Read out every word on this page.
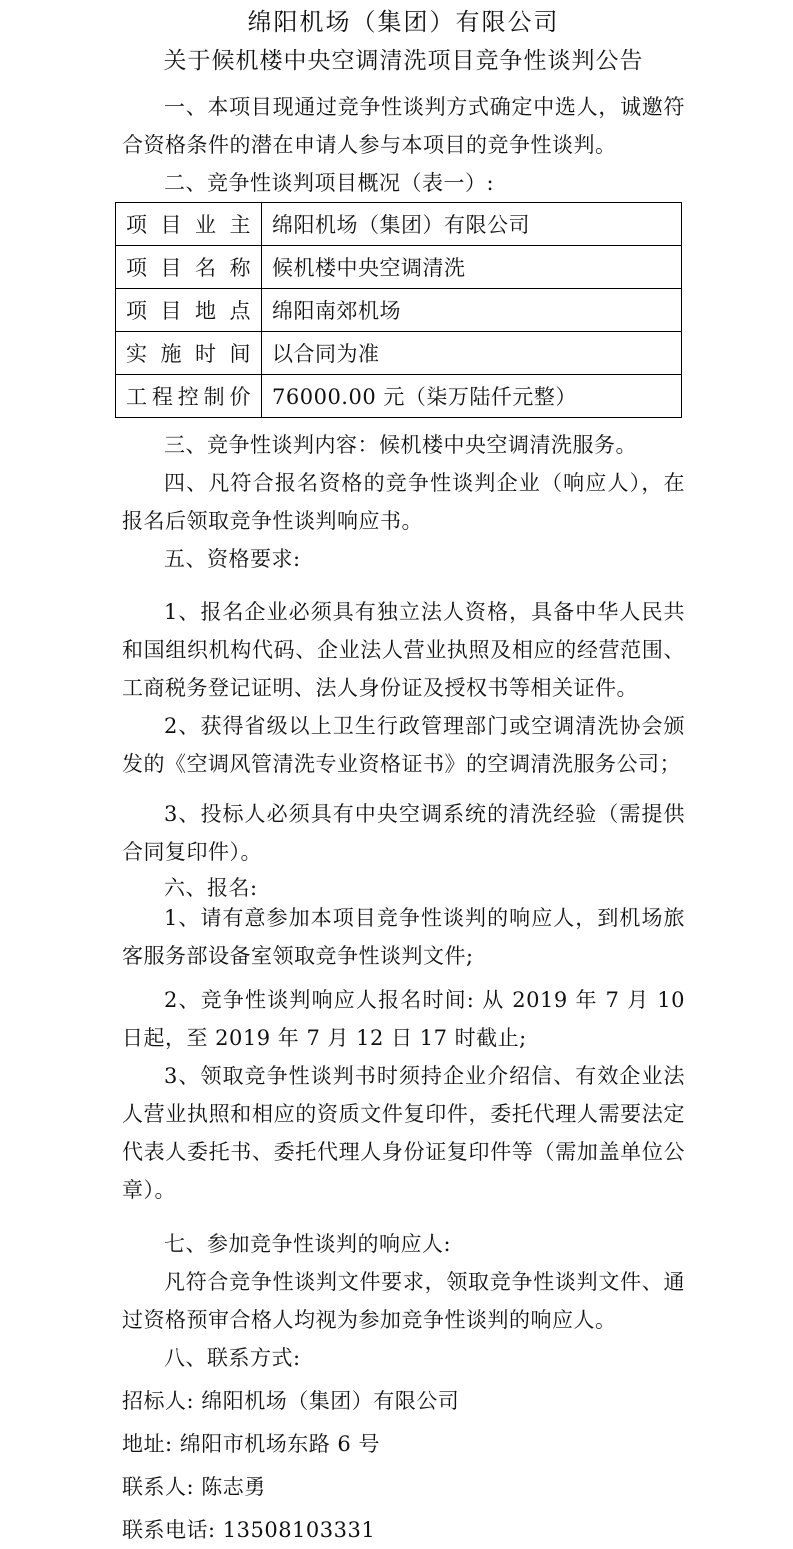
绵阳机场（集团）有限公司
关于候机楼中央空调清洗项目竞争性谈判公告

一、本项目现通过竞争性谈判方式确定中选人，诚邀符合资格条件的潜在申请人参与本项目的竞争性谈判。

二、竞争性谈判项目概况（表一）:

项目业主	绵阳机场（集团）有限公司
项目名称	候机楼中央空调清洗
项目地点	绵阳南郊机场
实施时间	以合同为准
工程控制价	76000.00 元（柒万陆仟元整）

三、竞争性谈判内容：候机楼中央空调清洗服务。

四、凡符合报名资格的竞争性谈判企业（响应人），在报名后领取竞争性谈判响应书。

五、资格要求:

1、报名企业必须具有独立法人资格，具备中华人民共和国组织机构代码、企业法人营业执照及相应的经营范围、工商税务登记证明、法人身份证及授权书等相关证件。

2、获得省级以上卫生行政管理部门或空调清洗协会颁发的《空调风管清洗专业资格证书》的空调清洗服务公司；

3、投标人必须具有中央空调系统的清洗经验（需提供合同复印件）。

六、报名:

1、请有意参加本项目竞争性谈判的响应人，到机场旅客服务部设备室领取竞争性谈判文件;

2、竞争性谈判响应人报名时间: 从 2019 年 7 月 10 日起，至 2019 年 7 月 12 日 17 时截止;

3、领取竞争性谈判书时须持企业介绍信、有效企业法人营业执照和相应的资质文件复印件，委托代理人需要法定代表人委托书、委托代理人身份证复印件等（需加盖单位公章）。

七、参加竞争性谈判的响应人:

凡符合竞争性谈判文件要求，领取竞争性谈判文件、通过资格预审合格人均视为参加竞争性谈判的响应人。

八、联系方式:

招标人: 绵阳机场（集团）有限公司

地址: 绵阳市机场东路 6 号

联系人: 陈志勇

联系电话: 13508103331
